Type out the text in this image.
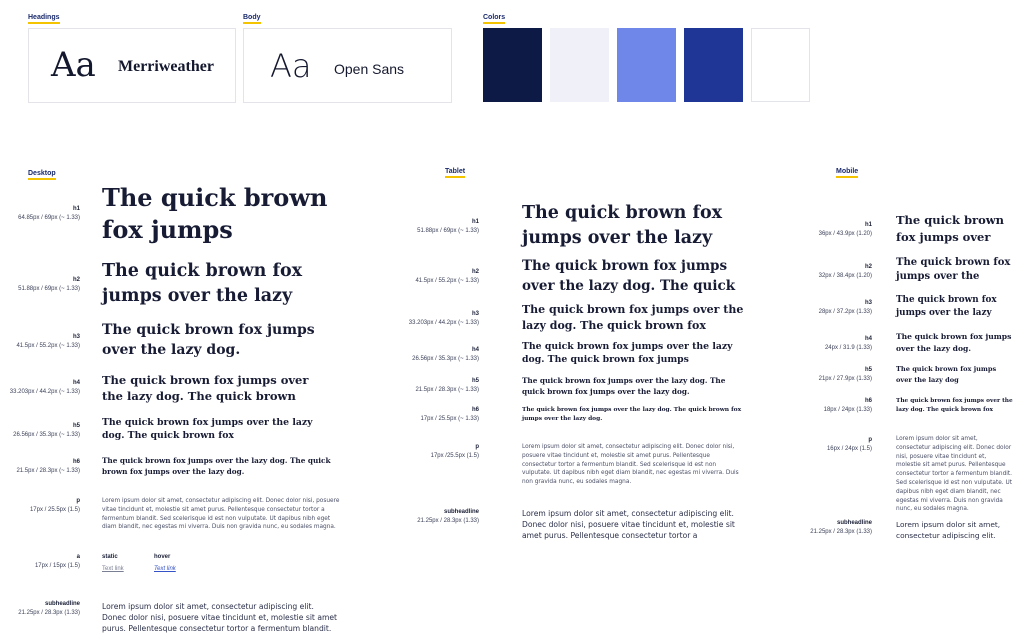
Headings
Aa Merriweather
Body
Aa Open Sans
Colors
Desktop
h1
64.85px / 69px (~ 1.33)

The quick brown fox jumps

h2
51.88px / 69px (~ 1.33)

The quick brown fox jumps over the lazy

h3
41.5px / 55.2px (~ 1.33)

The quick brown fox jumps over the lazy dog.

h4
33.203px / 44.2px (~ 1.33)

The quick brown fox jumps over the lazy dog. The quick brown

h5
26.56px / 35.3px (~ 1.33)

The quick brown fox jumps over the lazy dog. The quick brown fox

h6
21.5px / 28.3px (~ 1.33)

The quick brown fox jumps over the lazy dog. The quick brown fox jumps over the lazy dog.

p
17px / 25.5px (1.5)

Lorem ipsum dolor sit amet, consectetur adipiscing elit. Donec dolor nisi, posuere vitae tincidunt et, molestie sit amet purus. Pellentesque consectetur tortor a fermentum blandit. Sed scelerisque id est non vulputate. Ut dapibus nibh eget diam blandit, nec egestas mi viverra. Duis non gravida nunc, eu sodales magna.

a
17px / 15px (1.5)
static	hover
Text link	Text link
subheadline
21.25px / 28.3px (1.33)

Lorem ipsum dolor sit amet, consectetur adipiscing elit. Donec dolor nisi, posuere vitae tincidunt et, molestie sit amet purus. Pellentesque consectetur tortor a fermentum blandit.

Tablet
h1
51.88px / 69px (~ 1.33)

The quick brown fox jumps over the lazy

h2
41.5px / 55.2px (~ 1.33)

The quick brown fox jumps over the lazy dog. The quick

h3
33.203px / 44.2px (~ 1.33)

The quick brown fox jumps over the lazy dog. The quick brown fox

h4
26.56px / 35.3px (~ 1.33)

The quick brown fox jumps over the lazy dog. The quick brown fox jumps

h5
21.5px / 28.3px (~ 1.33)

The quick brown fox jumps over the lazy dog. The quick brown fox jumps over the lazy dog.

h6
17px / 25.5px (~ 1.33)

The quick brown fox jumps over the lazy dog. The quick brown fox jumps over the lazy dog.

p
17px /25.5px (1.5)

Lorem ipsum dolor sit amet, consectetur adipiscing elit. Donec dolor nisi, posuere vitae tincidunt et, molestie sit amet purus. Pellentesque consectetur tortor a fermentum blandit. Sed scelerisque id est non vulputate. Ut dapibus nibh eget diam blandit, nec egestas mi viverra. Duis non gravida nunc, eu sodales magna.

subheadline
21.25px / 28.3px (1.33)

Lorem ipsum dolor sit amet, consectetur adipiscing elit. Donec dolor nisi, posuere vitae tincidunt et, molestie sit amet purus. Pellentesque consectetur tortor a

Mobile
h1
36px / 43.9px (1.20)

The quick brown fox jumps over

h2
32px / 38.4px (1.20)

The quick brown fox jumps over the

h3
28px / 37.2px (1.33)

The quick brown fox jumps over the lazy

h4
24px / 31.9 (1.33)

The quick brown fox jumps over the lazy dog.

h5
21px / 27.9px (1.33)

The quick brown fox jumps over the lazy dog

h6
18px / 24px (1.33)

The quick brown fox jumps over the lazy dog. The quick brown fox

p
16px / 24px (1.5)

Lorem ipsum dolor sit amet, consectetur adipiscing elit. Donec dolor nisi, posuere vitae tincidunt et, molestie sit amet purus. Pellentesque consectetur tortor a fermentum blandit. Sed scelerisque id est non vulputate. Ut dapibus nibh eget diam blandit, nec egestas mi viverra. Duis non gravida nunc, eu sodales magna.

subheadline
21.25px / 28.3px (1.33)

Lorem ipsum dolor sit amet, consectetur adipiscing elit.
